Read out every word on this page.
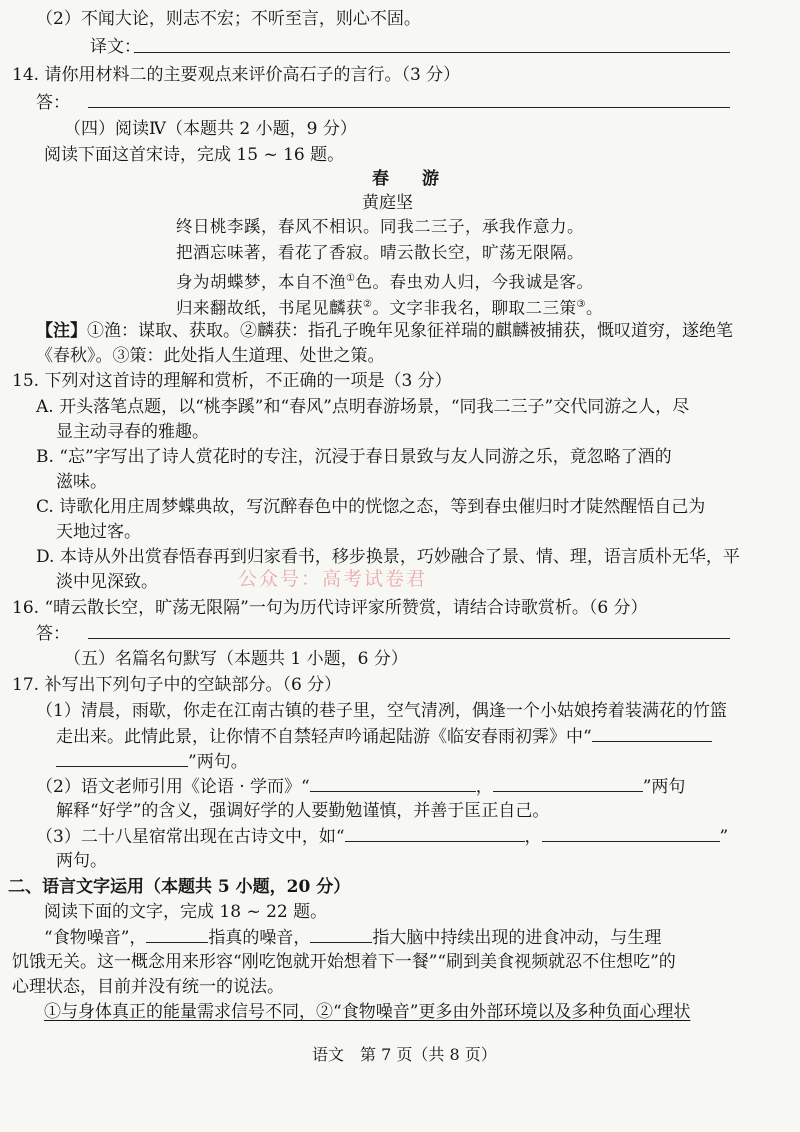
（2）不闻大论，则志不宏；不听至言，则心不固。
译文：
14. 请你用材料二的主要观点来评价高石子的言行。（3 分）
答：
（四）阅读Ⅳ（本题共 2 小题，9 分）
阅读下面这首宋诗，完成 15 ~ 16 题。
春　游
黄庭坚
终日桃李蹊，春风不相识。同我二三子，承我作意力。
把酒忘味著，看花了香寂。晴云散长空，旷荡无限隔。
身为胡蝶梦，本自不渔①色。春虫劝人归，今我诚是客。
归来翻故纸，书尾见麟获②。文字非我名，聊取二三策③。
【注】①渔：谋取、获取。②麟获：指孔子晚年见象征祥瑞的麒麟被捕获，慨叹道穷，遂绝笔
《春秋》。③策：此处指人生道理、处世之策。
15. 下列对这首诗的理解和赏析，不正确的一项是（3 分）
A. 开头落笔点题，以“桃李蹊”和“春风”点明春游场景，“同我二三子”交代同游之人，尽
显主动寻春的雅趣。
B. “忘”字写出了诗人赏花时的专注，沉浸于春日景致与友人同游之乐，竟忽略了酒的
滋味。
C. 诗歌化用庄周梦蝶典故，写沉醉春色中的恍惚之态，等到春虫催归时才陡然醒悟自己为
天地过客。
D. 本诗从外出赏春悟春再到归家看书，移步换景，巧妙融合了景、情、理，语言质朴无华，平
淡中见深致。	公众号：高考试卷君
16. “晴云散长空，旷荡无限隔”一句为历代诗评家所赞赏，请结合诗歌赏析。（6 分）
答：
（五）名篇名句默写（本题共 1 小题，6 分）
17. 补写出下列句子中的空缺部分。（6 分）
（1）清晨，雨歇，你走在江南古镇的巷子里，空气清冽，偶逢一个小姑娘挎着装满花的竹篮
走出来。此情此景，让你情不自禁轻声吟诵起陆游《临安春雨初霁》中“
”两句。
（2）语文老师引用《论语 · 学而》“	，	”两句
解释“好学”的含义，强调好学的人要勤勉谨慎，并善于匡正自己。
（3）二十八星宿常出现在古诗文中，如“	，	”
两句。
二、语言文字运用（本题共 5 小题，20 分）
阅读下面的文字，完成 18 ~ 22 题。
“食物噪音”，	指真的噪音，	指大脑中持续出现的进食冲动，与生理
饥饿无关。这一概念用来形容“刚吃饱就开始想着下一餐”“刷到美食视频就忍不住想吃”的
心理状态，目前并没有统一的说法。
①与身体真正的能量需求信号不同，②“食物噪音”更多由外部环境以及多种负面心理状
语文　第 7 页（共 8 页）
